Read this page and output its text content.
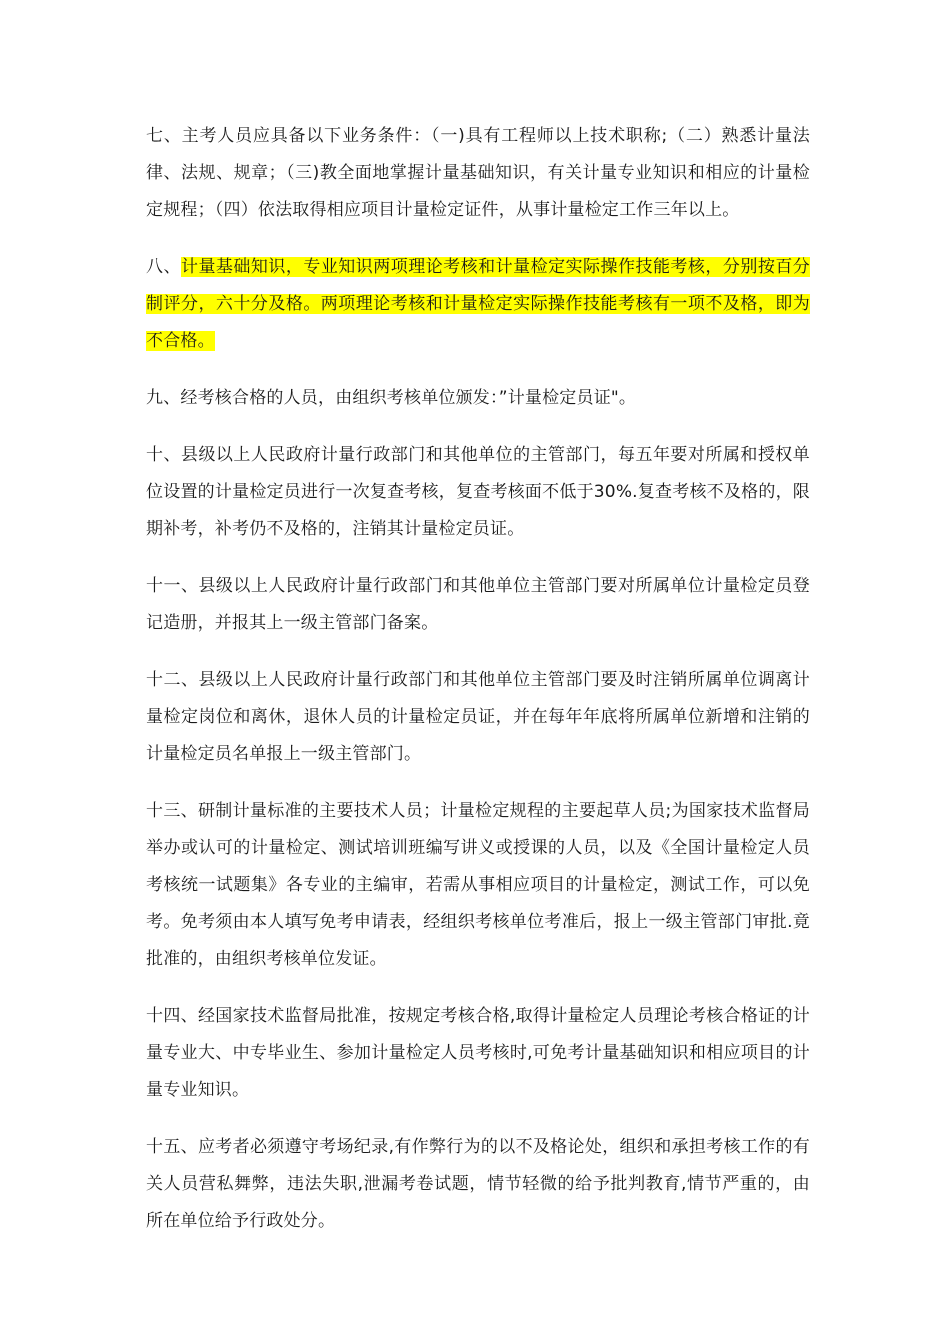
七、主考人员应具备以下业务条件：（一)具有工程师以上技术职称;（二）熟悉计量法律、法规、规章；（三)教全面地掌握计量基础知识，有关计量专业知识和相应的计量检定规程；（四）依法取得相应项目计量检定证件，从事计量检定工作三年以上。

八、计量基础知识，专业知识两项理论考核和计量检定实际操作技能考核，分别按百分制评分，六十分及格。两项理论考核和计量检定实际操作技能考核有一项不及格，即为不合格。

九、经考核合格的人员，由组织考核单位颁发：”计量检定员证"。

十、县级以上人民政府计量行政部门和其他单位的主管部门，每五年要对所属和授权单位设置的计量检定员进行一次复查考核，复查考核面不低于30%.复查考核不及格的，限期补考，补考仍不及格的，注销其计量检定员证。

十一、县级以上人民政府计量行政部门和其他单位主管部门要对所属单位计量检定员登记造册，并报其上一级主管部门备案。

十二、县级以上人民政府计量行政部门和其他单位主管部门要及时注销所属单位调离计量检定岗位和离休，退休人员的计量检定员证，并在每年年底将所属单位新增和注销的计量检定员名单报上一级主管部门。

十三、研制计量标准的主要技术人员；计量检定规程的主要起草人员;为国家技术监督局举办或认可的计量检定、测试培训班编写讲义或授课的人员，以及《全国计量检定人员考核统一试题集》各专业的主编审，若需从事相应项目的计量检定，测试工作，可以免考。免考须由本人填写免考申请表，经组织考核单位考准后，报上一级主管部门审批.竟批准的，由组织考核单位发证。

十四、经国家技术监督局批准，按规定考核合格,取得计量检定人员理论考核合格证的计量专业大、中专毕业生、参加计量检定人员考核时,可免考计量基础知识和相应项目的计量专业知识。

十五、应考者必须遵守考场纪录,有作弊行为的以不及格论处，组织和承担考核工作的有关人员营私舞弊，违法失职,泄漏考卷试题，情节轻微的给予批判教育,情节严重的，由所在单位给予行政处分。
